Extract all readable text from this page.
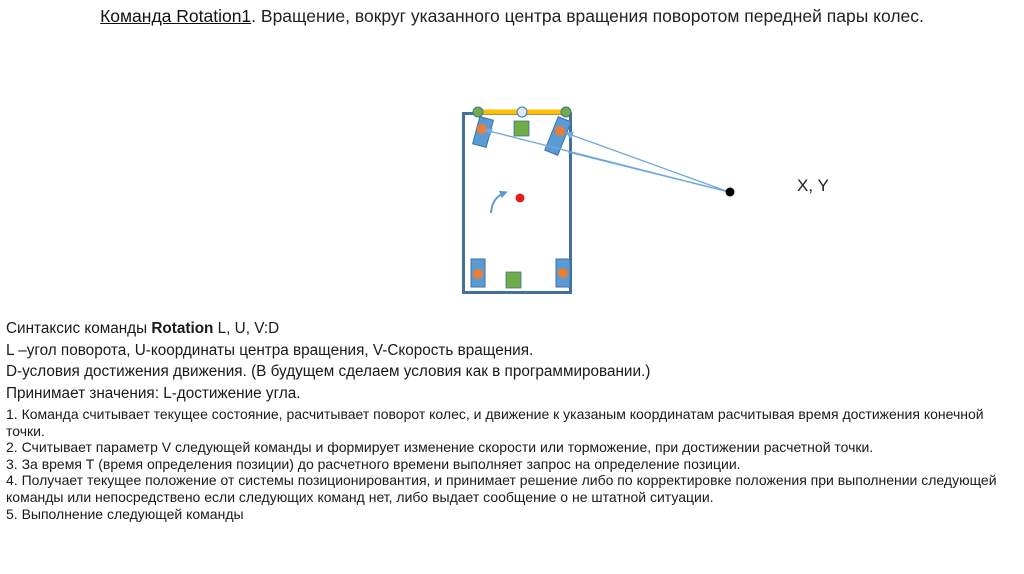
Команда Rotation1. Вращение, вокруг указанного центра вращения поворотом передней пары колес.
X, Y
Синтаксис команды Rotation L, U, V:D
L –угол поворота, U-координаты центра вращения, V-Скорость вращения.
D-условия достижения движения. (В будущем сделаем условия как в программировании.)
Принимает значения: L-достижение угла.
1. Команда считывает текущее состояние, расчитывает поворот колес, и движение к указаным координатам расчитывая время достижения конечной точки.
2. Считывает параметр V следующей команды и формирует изменение скорости или торможение, при достижении расчетной точки.
3. За время Т (время определения позиции) до расчетного времени выполняет запрос на определение позиции.
4. Получает текущее положение от системы позиционировантия, и принимает решение либо по корректировке положения при выполнении следующей команды или непосредствено если следующих команд нет, либо выдает сообщение о не штатной ситуации.
5. Выполнение следующей команды
